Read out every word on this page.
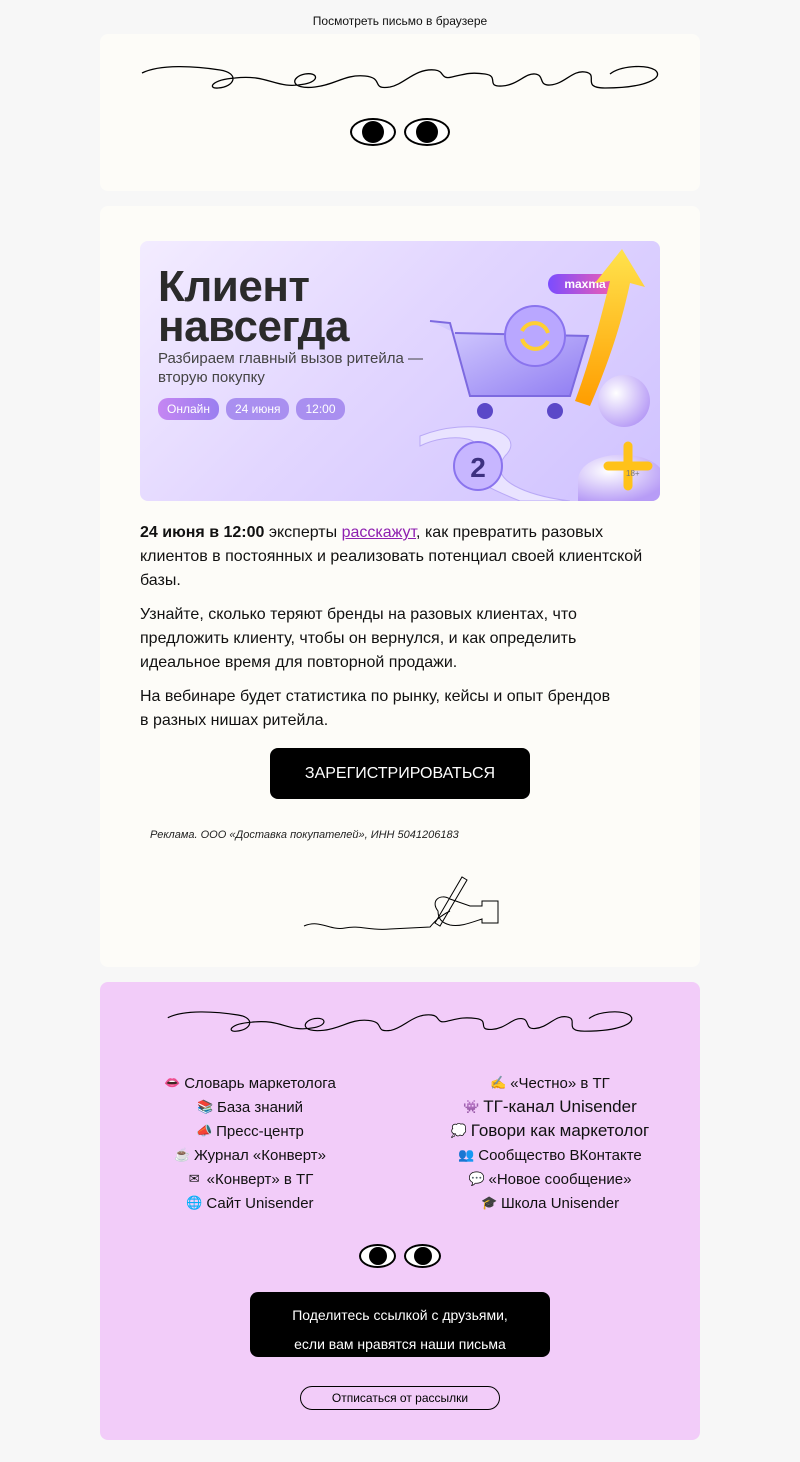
Посмотреть письмо в браузере
Клиент
навсегда
Разбираем главный вызов ритейла — вторую покупку
Онлайн	24 июня	12:00
maxma
2	18+
24 июня в 12:00 эксперты расскажут, как превратить разовых клиентов в постоянных и реализовать потенциал своей клиентской базы.
Узнайте, сколько теряют бренды на разовых клиентах, что предложить клиенту, чтобы он вернулся, и как определить идеальное время для повторной продажи.
На вебинаре будет статистика по рынку, кейсы и опыт брендов
в разных нишах ритейла.
ЗАРЕГИСТРИРОВАТЬСЯ
Реклама. ООО «Доставка покупателей», ИНН 5041206183
👄 Словарь маркетолога
📚 База знаний
📣 Пресс-центр
☕ Журнал «Конверт»
✉ «Конверт» в ТГ
🌐 Сайт Unisender
✍ «Честно» в ТГ
👾 ТГ-канал Unisender
💭 Говори как маркетолог
👥 Сообщество ВКонтакте
💬 «Новое сообщение»
🎓 Школа Unisender
Поделитесь ссылкой с друзьями,
если вам нравятся наши письма
Отписаться от рассылки
